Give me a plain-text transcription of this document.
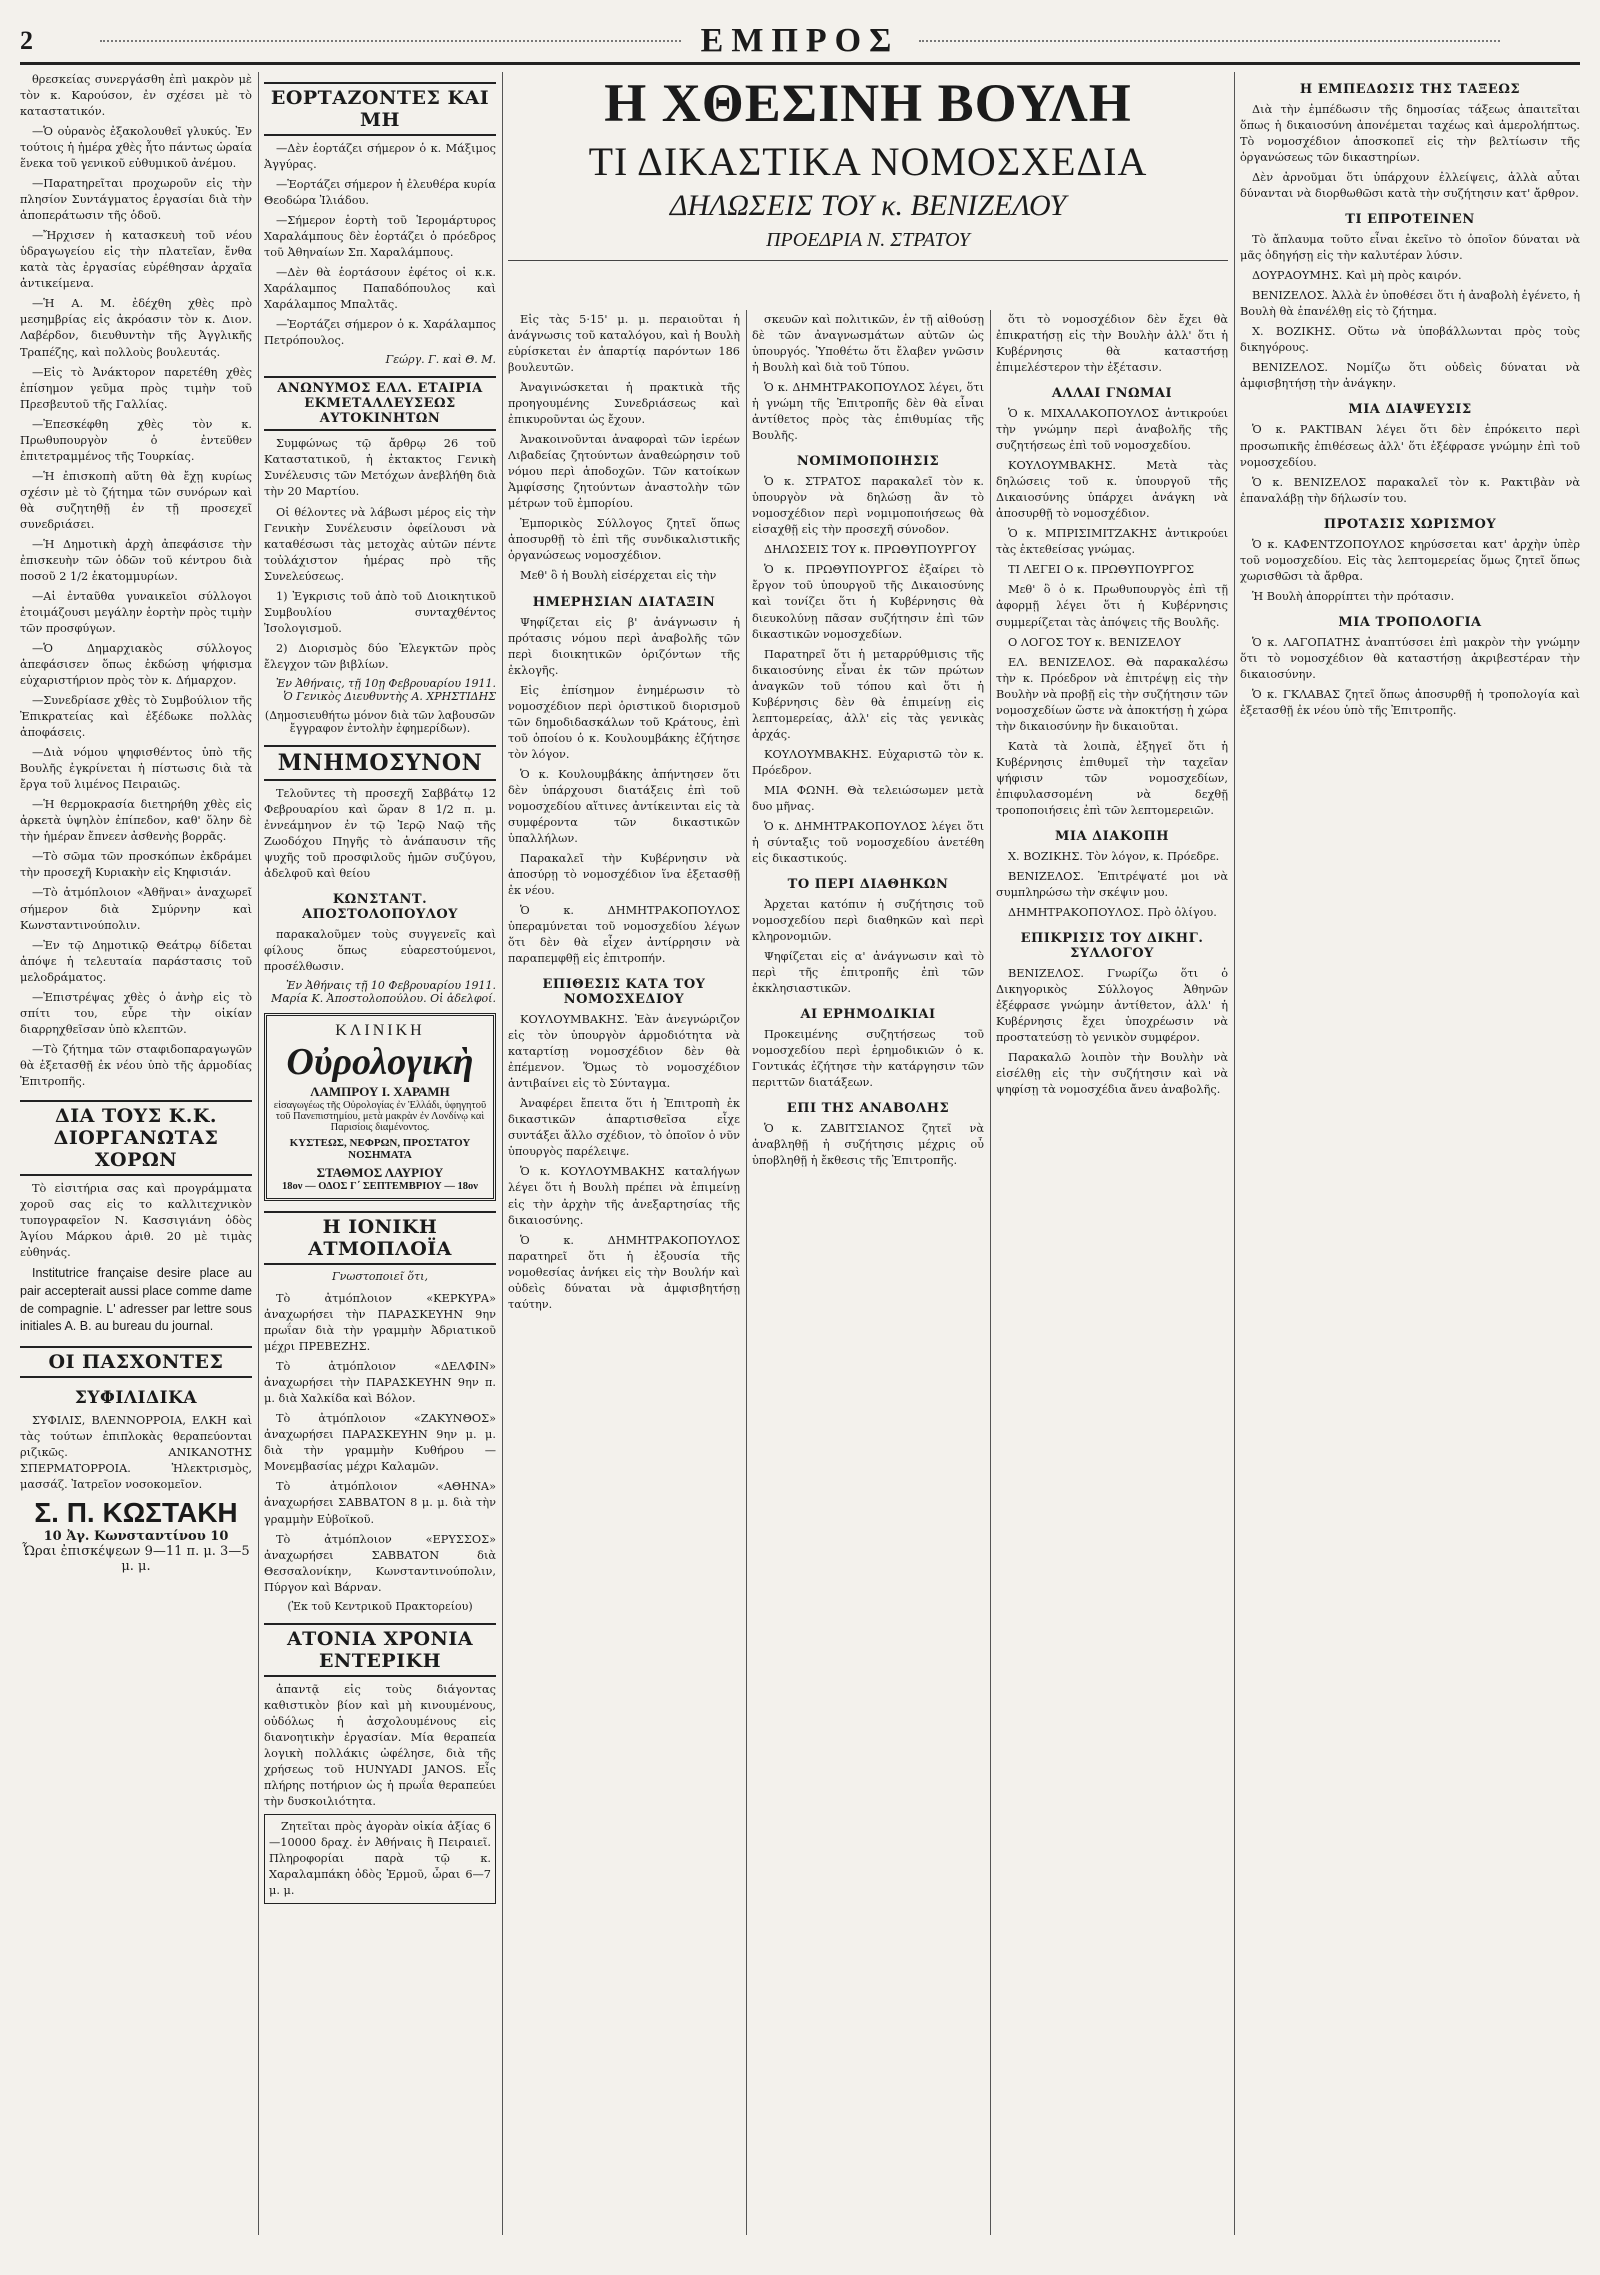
2	ΕΜΠΡΟΣ
Η ΧΘΕΣΙΝΗ ΒΟΥΛΗ
ΤΙ ΔΙΚΑΣΤΙΚΑ ΝΟΜΟΣΧΕΔΙΑ
ΔΗΛΩΣΕΙΣ ΤΟΥ κ. ΒΕΝΙΖΕΛΟΥ
ΠΡΟΕΔΡΙΑ Ν. ΣΤΡΑΤΟΥ

θρεσκείας συνεργάσθη ἐπὶ μακρὸν μὲ τὸν κ. Καρούσον, ἐν σχέσει μὲ τὸ καταστατικόν.

—Ὁ οὐρανὸς ἐξακολουθεῖ γλυκύς. Ἐν τούτοις ἡ ἡμέρα χθὲς ἦτο πάντως ὡραία ἕνεκα τοῦ γενικοῦ εὐθυμικοῦ ἀνέμου.

—Παρατηρεῖται προχωροῦν εἰς τὴν πλησίον Συντάγματος ἐργασίαι διὰ τὴν ἀποπεράτωσιν τῆς ὁδοῦ.

—Ἤρχισεν ἡ κατασκευὴ τοῦ νέου ὑδραγωγείου εἰς τὴν πλατεῖαν, ἔνθα κατὰ τὰς ἐργασίας εὑρέθησαν ἀρχαῖα ἀντικείμενα.

—Ἡ Α. Μ. ἐδέχθη χθὲς πρὸ μεσημβρίας εἰς ἀκρόασιν τὸν κ. Διον. Λαβέρδον, διευθυντὴν τῆς Ἀγγλικῆς Τραπέζης, καὶ πολλοὺς βουλευτάς.

—Εἰς τὸ Ἀνάκτορον παρετέθη χθὲς ἐπίσημον γεῦμα πρὸς τιμὴν τοῦ Πρεσβευτοῦ τῆς Γαλλίας.

—Ἐπεσκέφθη χθὲς τὸν κ. Πρωθυπουργὸν ὁ ἐντεῦθεν ἐπιτετραμμένος τῆς Τουρκίας.

—Ἡ ἐπισκοπὴ αὕτη θὰ ἔχῃ κυρίως σχέσιν μὲ τὸ ζήτημα τῶν συνόρων καὶ θὰ συζητηθῇ ἐν τῇ προσεχεῖ συνεδριάσει.

—Ἡ Δημοτικὴ ἀρχὴ ἀπεφάσισε τὴν ἐπισκευὴν τῶν ὁδῶν τοῦ κέντρου διὰ ποσοῦ 2 1/2 ἑκατομμυρίων.

—Αἱ ἐνταῦθα γυναικεῖοι σύλλογοι ἐτοιμάζουσι μεγάλην ἑορτὴν πρὸς τιμὴν τῶν προσφύγων.

—Ὁ Δημαρχιακὸς σύλλογος ἀπεφάσισεν ὅπως ἐκδώσῃ ψήφισμα εὐχαριστήριον πρὸς τὸν κ. Δήμαρχον.

—Συνεδρίασε χθὲς τὸ Συμβούλιον τῆς Ἐπικρατείας καὶ ἐξέδωκε πολλὰς ἀποφάσεις.

—Διὰ νόμου ψηφισθέντος ὑπὸ τῆς Βουλῆς ἐγκρίνεται ἡ πίστωσις διὰ τὰ ἔργα τοῦ λιμένος Πειραιῶς.

—Ἡ θερμοκρασία διετηρήθη χθὲς εἰς ἀρκετὰ ὑψηλὸν ἐπίπεδον, καθ' ὅλην δὲ τὴν ἡμέραν ἔπνεεν ἀσθενὴς βορρᾶς.

—Τὸ σῶμα τῶν προσκόπων ἐκδράμει τὴν προσεχῆ Κυριακὴν εἰς Κηφισιάν.

—Τὸ ἀτμόπλοιον «Ἀθῆναι» ἀναχωρεῖ σήμερον διὰ Σμύρνην καὶ Κωνσταντινούπολιν.

—Ἐν τῷ Δημοτικῷ Θεάτρῳ δίδεται ἀπόψε ἡ τελευταία παράστασις τοῦ μελοδράματος.

—Ἐπιστρέψας χθὲς ὁ ἀνὴρ εἰς τὸ σπίτι του, εὗρε τὴν οἰκίαν διαρρηχθεῖσαν ὑπὸ κλεπτῶν.

—Τὸ ζήτημα τῶν σταφιδοπαραγωγῶν θὰ ἐξετασθῇ ἐκ νέου ὑπὸ τῆς ἁρμοδίας Ἐπιτροπῆς.

ΔΙΑ ΤΟΥΣ Κ.Κ. ΔΙΟΡΓΑΝΩΤΑΣ ΧΟΡΩΝ

Τὸ εἰσιτήρια σας καὶ προγράμματα χοροῦ σας εἰς το καλλιτεχνικὸν τυπογραφεῖον Ν. Κασσιγιάνη ὁδὸς Ἁγίου Μάρκου ἀριθ. 20 μὲ τιμὰς εὐθηνάς.

Institutrice française desire place au pair accepterait aussi place comme dame de compagnie. L' adresser par lettre sous initiales A. B. au bureau du journal.

ΟΙ ΠΑΣΧΟΝΤΕΣ
ΣΥΦΙΛΙΔΙΚΑ

ΣΥΦΙΛΙΣ, ΒΛΕΝΝΟΡΡΟΙΑ, ΕΛΚΗ καὶ τὰς τούτων ἐπιπλοκὰς θεραπεύονται ριζικῶς. ΑΝΙΚΑΝΟΤΗΣ ΣΠΕΡΜΑΤΟΡΡΟΙΑ. Ἡλεκτρισμὸς, μασσάζ. Ἰατρεῖον νοσοκομεῖον.

Σ. Π. ΚΩΣΤΑΚΗ
10 Ἀγ. Κωνσταντίνου 10
Ὧραι ἐπισκέψεων 9—11 π. μ. 3—5 μ. μ.
ΕΟΡΤΑΖΟΝΤΕΣ ΚΑΙ ΜΗ

—Δὲν ἑορτάζει σήμερον ὁ κ. Μάξιμος Ἀγγύρας.

—Ἑορτάζει σήμερον ἡ ἐλευθέρα κυρία Θεοδώρα Ἰλιάδου.

—Σήμερον ἑορτὴ τοῦ Ἱερομάρτυρος Χαραλάμπους δὲν ἑορτάζει ὁ πρόεδρος τοῦ Ἀθηναίων Σπ. Χαραλάμπους.

—Δὲν θὰ ἑορτάσουν ἐφέτος οἱ κ.κ. Χαράλαμπος Παπαδόπουλος καὶ Χαράλαμπος Μπαλτᾶς.

—Ἑορτάζει σήμερον ὁ κ. Χαράλαμπος Πετρόπουλος.

Γεώργ. Γ. καὶ Θ. Μ.
ΑΝΩΝΥΜΟΣ ΕΛΛ. ΕΤΑΙΡΙΑ ΕΚΜΕΤΑΛΛΕΥΣΕΩΣ ΑΥΤΟΚΙΝΗΤΩΝ

Συμφώνως τῷ ἄρθρῳ 26 τοῦ Καταστατικοῦ, ἡ ἐκτακτος Γενικὴ Συνέλευσις τῶν Μετόχων ἀνεβλήθη διὰ τὴν 20 Μαρτίου.

Οἱ θέλοντες νὰ λάβωσι μέρος εἰς τὴν Γενικὴν Συνέλευσιν ὀφείλουσι νὰ καταθέσωσι τὰς μετοχὰς αὐτῶν πέντε τοὐλάχιστον ἡμέρας πρὸ τῆς Συνελεύσεως.

1) Ἐγκρισις τοῦ ἀπὸ τοῦ Διοικητικοῦ Συμβουλίου συνταχθέντος Ἰσολογισμοῦ.

2) Διορισμὸς δύο Ἐλεγκτῶν πρὸς ἔλεγχον τῶν βιβλίων.

Ἐν Ἀθήναις, τῇ 10ῃ Φεβρουαρίου 1911. Ὁ Γενικὸς Διευθυντὴς Α. ΧΡΗΣΤΙΔΗΣ
(Δημοσιευθήτω μόνον διὰ τῶν λαβουσῶν ἔγγραφον ἐντολὴν ἐφημερίδων).
ΜΝΗΜΟΣΥΝΟΝ

Τελοῦντες τὴ προσεχῆ Σαββάτῳ 12 Φεβρουαρίου καὶ ὥραν 8 1/2 π. μ. ἐννεάμηνον ἐν τῷ Ἱερῷ Ναῷ τῆς Ζωοδόχου Πηγῆς τὸ ἀνάπαυσιν τῆς ψυχῆς τοῦ προσφιλοῦς ἡμῶν συζύγου, ἀδελφοῦ καὶ θείου

ΚΩΝΣΤΑΝΤ. ΑΠΟΣΤΟΛΟΠΟΥΛΟΥ

παρακαλοῦμεν τοὺς συγγενεῖς καὶ φίλους ὅπως εὐαρεστούμενοι, προσέλθωσιν.

Ἐν Ἀθήναις τῇ 10 Φεβρουαρίου 1911. Μαρία Κ. Ἀποστολοπούλου. Οἱ ἀδελφοί.
ΚΛΙΝΙΚΗ
Οὐρολογικὴ
ΛΑΜΠΡΟΥ Ι. ΧΑΡΑΜΗ
εἰσαγωγέως τῆς Οὐρολογίας ἐν Ἑλλάδι, ὑφηγητοῦ τοῦ Πανεπιστημίου, μετὰ μακρὰν ἐν Λονδίνῳ καὶ Παρισίοις διαμένοντος.
ΚΥΣΤΕΩΣ, ΝΕΦΡΩΝ, ΠΡΟΣΤΑΤΟΥ ΝΟΣΗΜΑΤΑ
ΣΤΑΘΜΟΣ ΛΑΥΡΙΟΥ
18ον — ΟΔΟΣ Γ΄ ΣΕΠΤΕΜΒΡΙΟΥ — 18ον
Η ΙΟΝΙΚΗ ΑΤΜΟΠΛΟΪΑ
Γνωστοποιεῖ ὅτι,

Τὸ ἀτμόπλοιον «ΚΕΡΚΥΡΑ» ἀναχωρήσει τὴν ΠΑΡΑΣΚΕΥΗΝ 9ην πρωΐαν διὰ τὴν γραμμὴν Ἀδριατικοῦ μέχρι ΠΡΕΒΕΖΗΣ.

Τὸ ἀτμόπλοιον «ΔΕΛΦΙΝ» ἀναχωρήσει τὴν ΠΑΡΑΣΚΕΥΗΝ 9ην π. μ. διὰ Χαλκίδα καὶ Βόλον.

Τὸ ἀτμόπλοιον «ΖΑΚΥΝΘΟΣ» ἀναχωρήσει ΠΑΡΑΣΚΕΥΗΝ 9ην μ. μ. διὰ τὴν γραμμὴν Κυθήρου — Μονεμβασίας μέχρι Καλαμῶν.

Τὸ ἀτμόπλοιον «ΑΘΗΝΑ» ἀναχωρήσει ΣΑΒΒΑΤΟΝ 8 μ. μ. διὰ τὴν γραμμὴν Εὐβοϊκοῦ.

Τὸ ἀτμόπλοιον «ΕΡΥΣΣΟΣ» ἀναχωρήσει ΣΑΒΒΑΤΟΝ διὰ Θεσσαλονίκην, Κωνσταντινούπολιν, Πύργον καὶ Βάρναν.

(Ἐκ τοῦ Κεντρικοῦ Πρακτορείου)
ΑΤΟΝΙΑ ΧΡΟΝΙΑ ΕΝΤΕΡΙΚΗ

ἀπαντᾷ εἰς τοὺς διάγοντας καθιστικὸν βίον καὶ μὴ κινουμένους, οὐδόλως ἡ ἀσχολουμένους εἰς διανοητικὴν ἐργασίαν. Μία θεραπεία λογικὴ πολλάκις ὠφέλησε, διὰ τῆς χρήσεως τοῦ HUNYADI JANOS. Εἷς πλήρης ποτήριον ὡς ἡ πρωΐα θεραπεύει τὴν δυσκοιλιότητα.

Ζητεῖται πρὸς ἀγορὰν οἰκία ἀξίας 6—10000 δραχ. ἐν Ἀθήναις ἢ Πειραιεῖ. Πληροφορίαι παρὰ τῷ κ. Χαραλαμπάκη ὁδὸς Ἑρμοῦ, ὧραι 6—7 μ. μ.

Εἰς τὰς 5·15' μ. μ. περαιοῦται ἡ ἀνάγνωσις τοῦ καταλόγου, καὶ ἡ Βουλὴ εὑρίσκεται ἐν ἀπαρτίᾳ παρόντων 186 βουλευτῶν.

Ἀναγινώσκεται ἡ πρακτικὰ τῆς προηγουμένης Συνεδριάσεως καὶ ἐπικυροῦνται ὡς ἔχουν.

Ἀνακοινοῦνται ἀναφοραὶ τῶν ἱερέων Λιβαδείας ζητούντων ἀναθεώρησιν τοῦ νόμου περὶ ἀποδοχῶν. Τῶν κατοίκων Ἀμφίσσης ζητούντων ἀναστολὴν τῶν μέτρων τοῦ ἐμπορίου.

Ἐμπορικὸς Σύλλογος ζητεῖ ὅπως ἀποσυρθῇ τὸ ἐπὶ τῆς συνδικαλιστικῆς ὀργανώσεως νομοσχέδιον.

Μεθ' ὃ ἡ Βουλὴ εἰσέρχεται εἰς τὴν

ΗΜΕΡΗΣΙΑΝ ΔΙΑΤΑΞΙΝ

Ψηφίζεται εἰς β' ἀνάγνωσιν ἡ πρότασις νόμου περὶ ἀναβολῆς τῶν περὶ διοικητικῶν ὁριζόντων τῆς ἐκλογῆς.

Εἰς ἐπίσημον ἐνημέρωσιν τὸ νομοσχέδιον περὶ ὁριστικοῦ διορισμοῦ τῶν δημοδιδασκάλων τοῦ Κράτους, ἐπὶ τοῦ ὁποίου ὁ κ. Κουλουμβάκης ἐζήτησε τὸν λόγον.

Ὁ κ. Κουλουμβάκης ἀπήντησεν ὅτι δὲν ὑπάρχουσι διατάξεις ἐπὶ τοῦ νομοσχεδίου αἵτινες ἀντίκεινται εἰς τὰ συμφέροντα τῶν δικαστικῶν ὑπαλλήλων.

Παρακαλεῖ τὴν Κυβέρνησιν νὰ ἀποσύρῃ τὸ νομοσχέδιον ἵνα ἐξετασθῇ ἐκ νέου.

Ὁ κ. ΔΗΜΗΤΡΑΚΟΠΟΥΛΟΣ ὑπεραμύνεται τοῦ νομοσχεδίου λέγων ὅτι δὲν θὰ εἶχεν ἀντίρρησιν νὰ παραπεμφθῇ εἰς ἐπιτροπήν.

ΕΠΙΘΕΣΙΣ ΚΑΤΑ ΤΟΥ ΝΟΜΟΣΧΕΔΙΟΥ

ΚΟΥΛΟΥΜΒΑΚΗΣ. Ἐὰν ἀνεγνώριζον εἰς τὸν ὑπουργὸν ἁρμοδιότητα νὰ καταρτίσῃ νομοσχέδιον δὲν θὰ ἐπέμενον. Ὅμως τὸ νομοσχέδιον ἀντιβαίνει εἰς τὸ Σύνταγμα.

Ἀναφέρει ἔπειτα ὅτι ἡ Ἐπιτροπὴ ἐκ δικαστικῶν ἀπαρτισθεῖσα εἶχε συντάξει ἄλλο σχέδιον, τὸ ὁποῖον ὁ νῦν ὑπουργὸς παρέλειψε.

Ὁ κ. ΚΟΥΛΟΥΜΒΑΚΗΣ καταλήγων λέγει ὅτι ἡ Βουλὴ πρέπει νὰ ἐπιμείνῃ εἰς τὴν ἀρχὴν τῆς ἀνεξαρτησίας τῆς δικαιοσύνης.

Ὁ κ. ΔΗΜΗΤΡΑΚΟΠΟΥΛΟΣ παρατηρεῖ ὅτι ἡ ἐξουσία τῆς νομοθεσίας ἀνήκει εἰς τὴν Βουλήν καὶ οὐδεὶς δύναται νὰ ἀμφισβητήσῃ ταύτην.

σκευῶν καὶ πολιτικῶν, ἐν τῇ αἰθούσῃ δὲ τῶν ἀναγνωσμάτων αὐτῶν ὡς ὑπουργός. Ὑποθέτω ὅτι ἔλαβεν γνῶσιν ἡ Βουλὴ καὶ διὰ τοῦ Τύπου.

Ὁ κ. ΔΗΜΗΤΡΑΚΟΠΟΥΛΟΣ λέγει, ὅτι ἡ γνώμη τῆς Ἐπιτροπῆς δὲν θὰ εἶναι ἀντίθετος πρὸς τὰς ἐπιθυμίας τῆς Βουλῆς.

ΝΟΜΙΜΟΠΟΙΗΣΙΣ

Ὁ κ. ΣΤΡΑΤΟΣ παρακαλεῖ τὸν κ. ὑπουργὸν νὰ δηλώσῃ ἂν τὸ νομοσχέδιον περὶ νομιμοποιήσεως θὰ εἰσαχθῇ εἰς τὴν προσεχῆ σύνοδον.

ΔΗΛΩΣΕΙΣ ΤΟΥ κ. ΠΡΩΘΥΠΟΥΡΓΟΥ

Ὁ κ. ΠΡΩΘΥΠΟΥΡΓΟΣ ἐξαίρει τὸ ἔργον τοῦ ὑπουργοῦ τῆς Δικαιοσύνης καὶ τονίζει ὅτι ἡ Κυβέρνησις θὰ διευκολύνῃ πᾶσαν συζήτησιν ἐπὶ τῶν δικαστικῶν νομοσχεδίων.

Παρατηρεῖ ὅτι ἡ μεταρρύθμισις τῆς δικαιοσύνης εἶναι ἐκ τῶν πρώτων ἀναγκῶν τοῦ τόπου καὶ ὅτι ἡ Κυβέρνησις δὲν θὰ ἐπιμείνῃ εἰς λεπτομερείας, ἀλλ' εἰς τὰς γενικὰς ἀρχάς.

ΚΟΥΛΟΥΜΒΑΚΗΣ. Εὐχαριστῶ τὸν κ. Πρόεδρον.

ΜΙΑ ΦΩΝΗ. Θὰ τελειώσωμεν μετὰ δυο μῆνας.

Ὁ κ. ΔΗΜΗΤΡΑΚΟΠΟΥΛΟΣ λέγει ὅτι ἡ σύνταξις τοῦ νομοσχεδίου ἀνετέθη εἰς δικαστικούς.

ΤΟ ΠΕΡΙ ΔΙΑΘΗΚΩΝ

Ἀρχεται κατόπιν ἡ συζήτησις τοῦ νομοσχεδίου περὶ διαθηκῶν καὶ περὶ κληρονομιῶν.

Ψηφίζεται εἰς α' ἀνάγνωσιν καὶ τὸ περὶ τῆς ἐπιτροπῆς ἐπὶ τῶν ἐκκλησιαστικῶν.

ΑΙ ΕΡΗΜΟΔΙΚΙΑΙ

Προκειμένης συζητήσεως τοῦ νομοσχεδίου περὶ ἐρημοδικιῶν ὁ κ. Γοντικάς ἐζήτησε τὴν κατάργησιν τῶν περιττῶν διατάξεων.

ΕΠΙ ΤΗΣ ΑΝΑΒΟΛΗΣ

Ὁ κ. ΖΑΒΙΤΣΙΑΝΟΣ ζητεῖ νὰ ἀναβληθῇ ἡ συζήτησις μέχρις οὗ ὑποβληθῇ ἡ ἔκθεσις τῆς Ἐπιτροπῆς.

ὅτι τὸ νομοσχέδιον δὲν ἔχει θὰ ἐπικρατήσῃ εἰς τὴν Βουλὴν ἀλλ' ὅτι ἡ Κυβέρνησις θὰ καταστήσῃ ἐπιμελέστερον τὴν ἐξέτασιν.

ΑΛΛΑΙ ΓΝΩΜΑΙ

Ὁ κ. ΜΙΧΑΛΑΚΟΠΟΥΛΟΣ ἀντικρούει τὴν γνώμην περὶ ἀναβολῆς τῆς συζητήσεως ἐπὶ τοῦ νομοσχεδίου.

ΚΟΥΛΟΥΜΒΑΚΗΣ. Μετὰ τὰς δηλώσεις τοῦ κ. ὑπουργοῦ τῆς Δικαιοσύνης ὑπάρχει ἀνάγκη νὰ ἀποσυρθῇ τὸ νομοσχέδιον.

Ὁ κ. ΜΠΡΙΣΙΜΙΤΖΑΚΗΣ ἀντικρούει τὰς ἐκτεθείσας γνώμας.

ΤΙ ΛΕΓΕΙ Ο κ. ΠΡΩΘΥΠΟΥΡΓΟΣ

Μεθ' ὃ ὁ κ. Πρωθυπουργὸς ἐπὶ τῇ ἀφορμῇ λέγει ὅτι ἡ Κυβέρνησις συμμερίζεται τὰς ἀπόψεις τῆς Βουλῆς.

Ο ΛΟΓΟΣ ΤΟΥ κ. ΒΕΝΙΖΕΛΟΥ

ΕΛ. ΒΕΝΙΖΕΛΟΣ. Θὰ παρακαλέσω τὴν κ. Πρόεδρον νὰ ἐπιτρέψῃ εἰς τὴν Βουλὴν νὰ προβῇ εἰς τὴν συζήτησιν τῶν νομοσχεδίων ὥστε νὰ ἀποκτήσῃ ἡ χώρα τὴν δικαιοσύνην ἣν δικαιοῦται.

Κατὰ τὰ λοιπὰ, ἐξηγεῖ ὅτι ἡ Κυβέρνησις ἐπιθυμεῖ τὴν ταχεῖαν ψήφισιν τῶν νομοσχεδίων, ἐπιφυλασσομένη νὰ δεχθῇ τροποποιήσεις ἐπὶ τῶν λεπτομερειῶν.

ΜΙΑ ΔΙΑΚΟΠΗ

Χ. ΒΟΖΙΚΗΣ. Τὸν λόγον, κ. Πρόεδρε.

ΒΕΝΙΖΕΛΟΣ. Ἐπιτρέψατέ μοι νὰ συμπληρώσω τὴν σκέψιν μου.

ΔΗΜΗΤΡΑΚΟΠΟΥΛΟΣ. Πρὸ ὀλίγου.

ΕΠΙΚΡΙΣΙΣ ΤΟΥ ΔΙΚΗΓ. ΣΥΛΛΟΓΟΥ

ΒΕΝΙΖΕΛΟΣ. Γνωρίζω ὅτι ὁ Δικηγορικὸς Σύλλογος Ἀθηνῶν ἐξέφρασε γνώμην ἀντίθετον, ἀλλ' ἡ Κυβέρνησις ἔχει ὑποχρέωσιν νὰ προστατεύσῃ τὸ γενικὸν συμφέρον.

Παρακαλῶ λοιπὸν τὴν Βουλὴν νὰ εἰσέλθῃ εἰς τὴν συζήτησιν καὶ νὰ ψηφίσῃ τὰ νομοσχέδια ἄνευ ἀναβολῆς.

Η ΕΜΠΕΔΩΣΙΣ ΤΗΣ ΤΑΞΕΩΣ

Διὰ τὴν ἐμπέδωσιν τῆς δημοσίας τάξεως ἀπαιτεῖται ὅπως ἡ δικαιοσύνη ἀπονέμεται ταχέως καὶ ἀμερολήπτως. Τὸ νομοσχέδιον ἀποσκοπεῖ εἰς τὴν βελτίωσιν τῆς ὀργανώσεως τῶν δικαστηρίων.

Δὲν ἀρνοῦμαι ὅτι ὑπάρχουν ἐλλείψεις, ἀλλὰ αὗται δύνανται νὰ διορθωθῶσι κατὰ τὴν συζήτησιν κατ' ἄρθρον.

ΤΙ ΕΠΡΟΤΕΙΝΕΝ

Τὸ ἄπλαυμα τοῦτο εἶναι ἐκεῖνο τὸ ὁποῖον δύναται νὰ μᾶς ὁδηγήσῃ εἰς τὴν καλυτέραν λύσιν.

ΔΟΥΡΑΟΥΜΗΣ. Καὶ μὴ πρὸς καιρόν.

ΒΕΝΙΖΕΛΟΣ. Ἀλλὰ ἐν ὑποθέσει ὅτι ἡ ἀναβολὴ ἐγένετο, ἡ Βουλὴ θὰ ἐπανέλθῃ εἰς τὸ ζήτημα.

Χ. ΒΟΖΙΚΗΣ. Οὕτω νὰ ὑποβάλλωνται πρὸς τοὺς δικηγόρους.

ΒΕΝΙΖΕΛΟΣ. Νομίζω ὅτι οὐδεὶς δύναται νὰ ἀμφισβητήσῃ τὴν ἀνάγκην.

ΜΙΑ ΔΙΑΨΕΥΣΙΣ

Ὁ κ. ΡΑΚΤΙΒΑΝ λέγει ὅτι δὲν ἐπρόκειτο περὶ προσωπικῆς ἐπιθέσεως ἀλλ' ὅτι ἐξέφρασε γνώμην ἐπὶ τοῦ νομοσχεδίου.

Ὁ κ. ΒΕΝΙΖΕΛΟΣ παρακαλεῖ τὸν κ. Ρακτιβὰν νὰ ἐπαναλάβῃ τὴν δήλωσίν του.

ΠΡΟΤΑΣΙΣ ΧΩΡΙΣΜΟΥ

Ὁ κ. ΚΑΦΕΝΤΖΟΠΟΥΛΟΣ κηρύσσεται κατ' ἀρχὴν ὑπὲρ τοῦ νομοσχεδίου. Εἰς τὰς λεπτομερείας ὅμως ζητεῖ ὅπως χωρισθῶσι τὰ ἄρθρα.

Ἡ Βουλὴ ἀπορρίπτει τὴν πρότασιν.

ΜΙΑ ΤΡΟΠΟΛΟΓΙΑ

Ὁ κ. ΛΑΓΟΠΑΤΗΣ ἀναπτύσσει ἐπὶ μακρὸν τὴν γνώμην ὅτι τὸ νομοσχέδιον θὰ καταστήσῃ ἀκριβεστέραν τὴν δικαιοσύνην.

Ὁ κ. ΓΚΛΑΒΑΣ ζητεῖ ὅπως ἀποσυρθῇ ἡ τροπολογία καὶ ἐξετασθῇ ἐκ νέου ὑπὸ τῆς Ἐπιτροπῆς.
